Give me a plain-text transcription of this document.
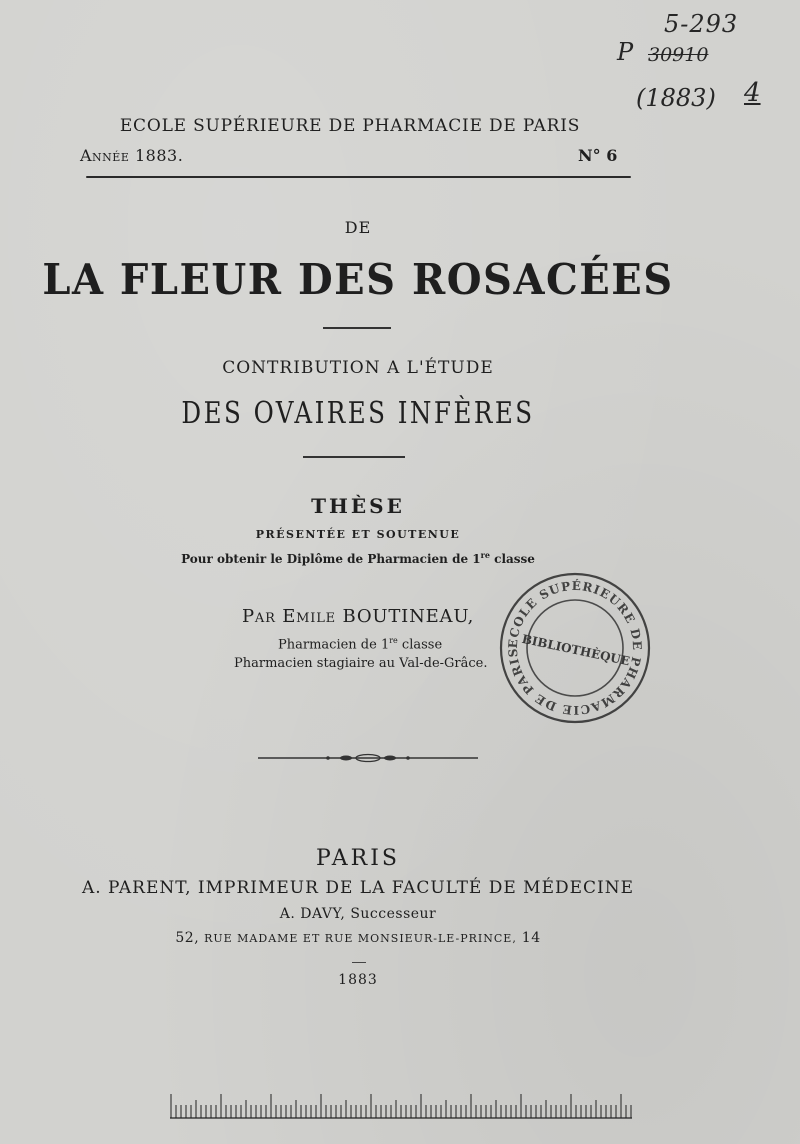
5-293
P 30910
(1883) 4
ECOLE SUPÉRIEURE DE PHARMACIE DE PARIS
Année 1883.	N° 6
DE
LA FLEUR DES ROSACÉES
CONTRIBUTION A L'ÉTUDE
DES OVAIRES INFÈRES
THÈSE
PRÉSENTÉE ET SOUTENUE
Pour obtenir le Diplôme de Pharmacien de 1re classe
Par Emile BOUTINEAU,
Pharmacien de 1re classe
Pharmacien stagiaire au Val-de-Grâce.
ECOLE SUPÉRIEURE DE PHARMACIE DE PARIS BIBLIOTHÈQUE
PARIS
A. PARENT, IMPRIMEUR DE LA FACULTÉ DE MÉDECINE
A. DAVY, Successeur
52, RUE MADAME ET RUE MONSIEUR-LE-PRINCE, 14
1883
